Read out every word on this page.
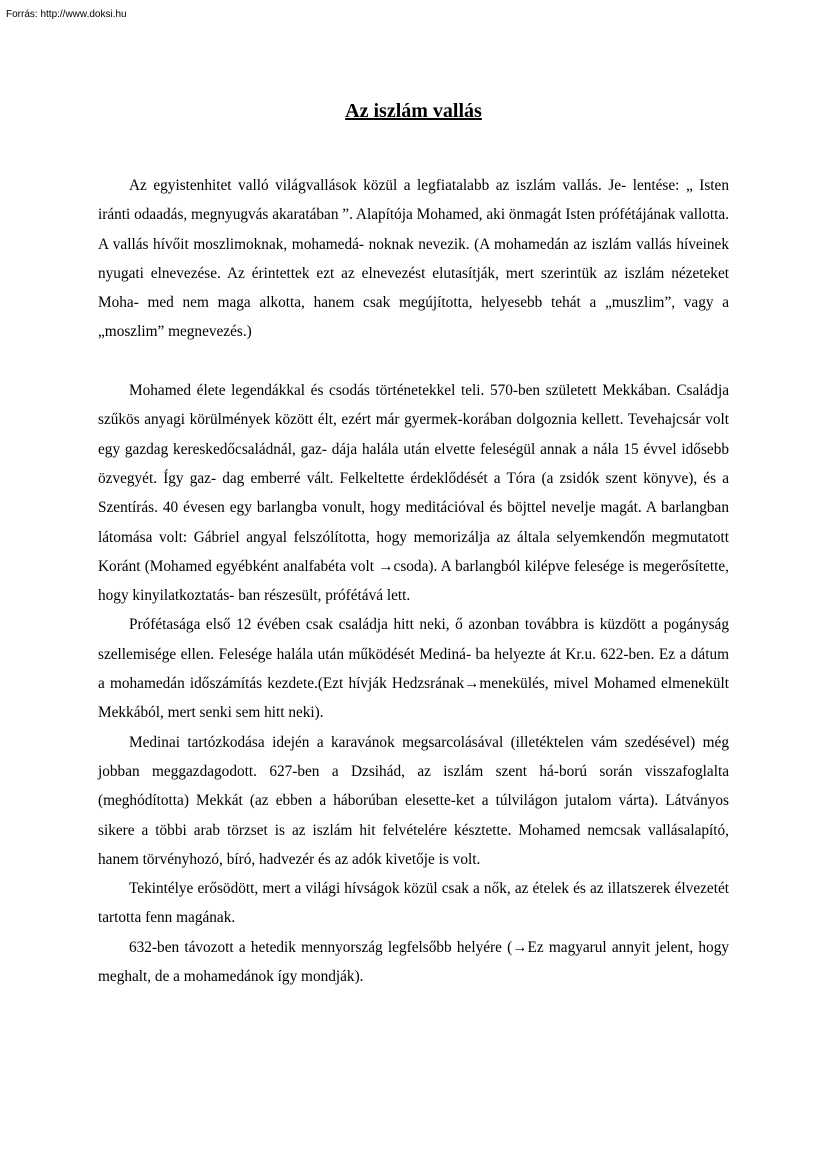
Forrás: http://www.doksi.hu
Az iszlám vallás

Az egyistenhitet valló világvallások közül a legfiatalabb az iszlám vallás. Je- lentése: „ Isten iránti odaadás, megnyugvás akaratában ”. Alapítója Mohamed, aki önmagát Isten prófétájának vallotta. A vallás hívőit moszlimoknak, mohamedá- noknak nevezik. (A mohamedán az iszlám vallás híveinek nyugati elnevezése. Az érintettek ezt az elnevezést elutasítják, mert szerintük az iszlám nézeteket Moha- med nem maga alkotta, hanem csak megújította, helyesebb tehát a „muszlim”, vagy a „moszlim” megnevezés.)

Mohamed élete legendákkal és csodás történetekkel teli. 570-ben született Mekkában. Családja szűkös anyagi körülmények között élt, ezért már gyermek-korában dolgoznia kellett. Tevehajcsár volt egy gazdag kereskedőcsaládnál, gaz- dája halála után elvette feleségül annak a nála 15 évvel idősebb özvegyét. Így gaz- dag emberré vált. Felkeltette érdeklődését a Tóra (a zsidók szent könyve), és a Szentírás. 40 évesen egy barlangba vonult, hogy meditációval és böjttel nevelje magát. A barlangban látomása volt: Gábriel angyal felszólította, hogy memorizálja az általa selyemkendőn megmutatott Koránt (Mohamed egyébként analfabéta volt →csoda). A barlangból kilépve felesége is megerősítette, hogy kinyilatkoztatás- ban részesült, prófétává lett.

Prófétasága első 12 évében csak családja hitt neki, ő azonban továbbra is küzdött a pogányság szellemisége ellen. Felesége halála után működését Mediná- ba helyezte át Kr.u. 622-ben. Ez a dátum a mohamedán időszámítás kezdete.(Ezt hívják Hedzsrának→menekülés, mivel Mohamed elmenekült Mekkából, mert senki sem hitt neki).

Medinai tartózkodása idején a karavánok megsarcolásával (illetéktelen vám szedésével) még jobban meggazdagodott. 627-ben a Dzsihád, az iszlám szent há-ború során visszafoglalta (meghódította) Mekkát (az ebben a háborúban elesette-ket a túlvilágon jutalom várta). Látványos sikere a többi arab törzset is az iszlám hit felvételére késztette. Mohamed nemcsak vallásalapító, hanem törvényhozó, bíró, hadvezér és az adók kivetője is volt.

Tekintélye erősödött, mert a világi hívságok közül csak a nők, az ételek és az illatszerek élvezetét tartotta fenn magának.

632-ben távozott a hetedik mennyország legfelsőbb helyére (→Ez magyarul annyit jelent, hogy meghalt, de a mohamedánok így mondják).
